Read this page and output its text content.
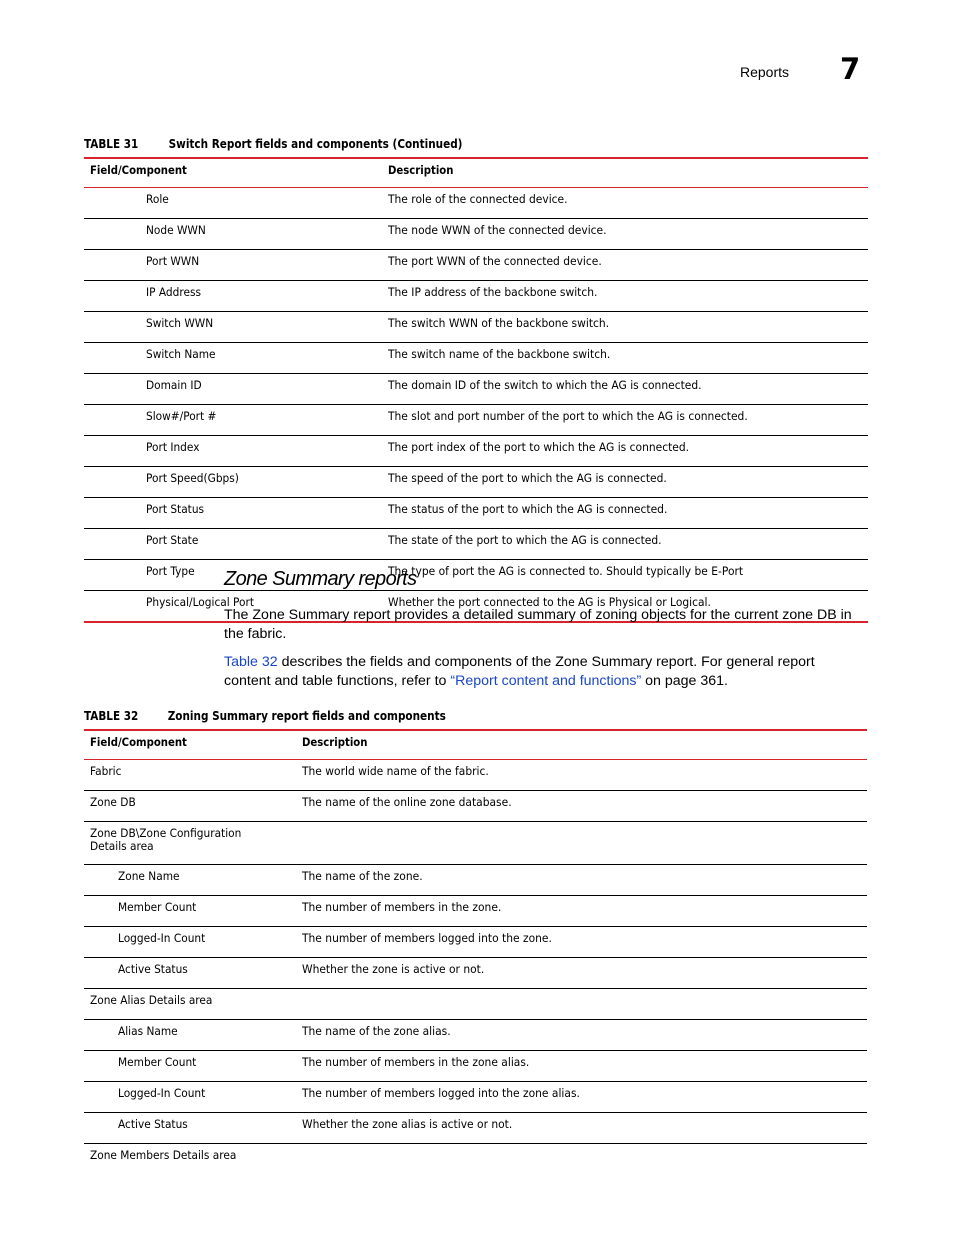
Reports 7
TABLE 31 Switch Report fields and components (Continued)
Field/Component	Description
Role	The role of the connected device.
Node WWN	The node WWN of the connected device.
Port WWN	The port WWN of the connected device.
IP Address	The IP address of the backbone switch.
Switch WWN	The switch WWN of the backbone switch.
Switch Name	The switch name of the backbone switch.
Domain ID	The domain ID of the switch to which the AG is connected.
Slow#/Port #	The slot and port number of the port to which the AG is connected.
Port Index	The port index of the port to which the AG is connected.
Port Speed(Gbps)	The speed of the port to which the AG is connected.
Port Status	The status of the port to which the AG is connected.
Port State	The state of the port to which the AG is connected.
Port Type	The type of port the AG is connected to. Should typically be E-Port
Physical/Logical Port	Whether the port connected to the AG is Physical or Logical.
Zone Summary reports
The Zone Summary report provides a detailed summary of zoning objects for the current zone DB in the fabric.
Table 32 describes the fields and components of the Zone Summary report. For general report content and table functions, refer to “Report content and functions” on page 361.
TABLE 32 Zoning Summary report fields and components
Field/Component	Description
Fabric	The world wide name of the fabric.
Zone DB	The name of the online zone database.
Zone DB\Zone Configuration
Details area	
Zone Name	The name of the zone.
Member Count	The number of members in the zone.
Logged-In Count	The number of members logged into the zone.
Active Status	Whether the zone is active or not.
Zone Alias Details area	
Alias Name	The name of the zone alias.
Member Count	The number of members in the zone alias.
Logged-In Count	The number of members logged into the zone alias.
Active Status	Whether the zone alias is active or not.
Zone Members Details area	
